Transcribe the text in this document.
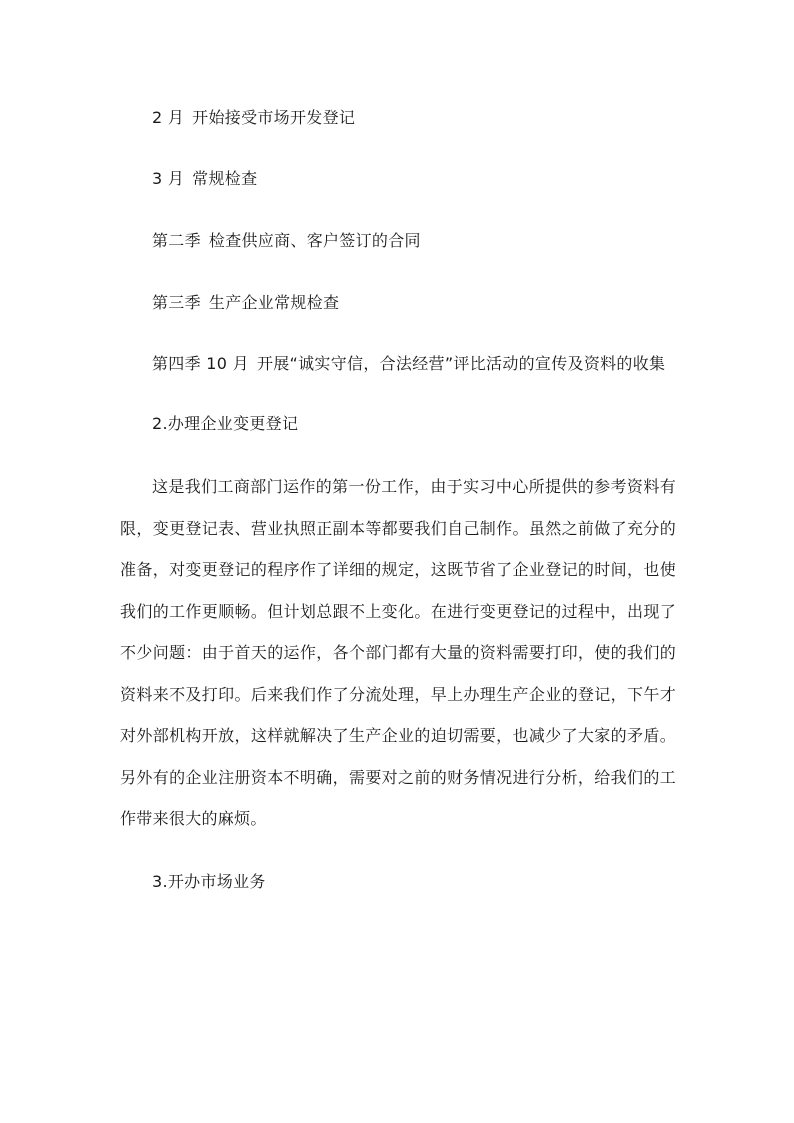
2 月 开始接受市场开发登记
3 月 常规检查
第二季 检查供应商、客户签订的合同
第三季 生产企业常规检查
第四季 10 月 开展“诚实守信，合法经营”评比活动的宣传及资料的收集
2.办理企业变更登记
这是我们工商部门运作的第一份工作，由于实习中心所提供的参考资料有限，变更登记表、营业执照正副本等都要我们自己制作。虽然之前做了充分的准备，对变更登记的程序作了详细的规定，这既节省了企业登记的时间，也使我们的工作更顺畅。但计划总跟不上变化。在进行变更登记的过程中，出现了不少问题：由于首天的运作，各个部门都有大量的资料需要打印，使的我们的资料来不及打印。后来我们作了分流处理，早上办理生产企业的登记，下午才对外部机构开放，这样就解决了生产企业的迫切需要，也减少了大家的矛盾。另外有的企业注册资本不明确，需要对之前的财务情况进行分析，给我们的工作带来很大的麻烦。
3.开办市场业务
